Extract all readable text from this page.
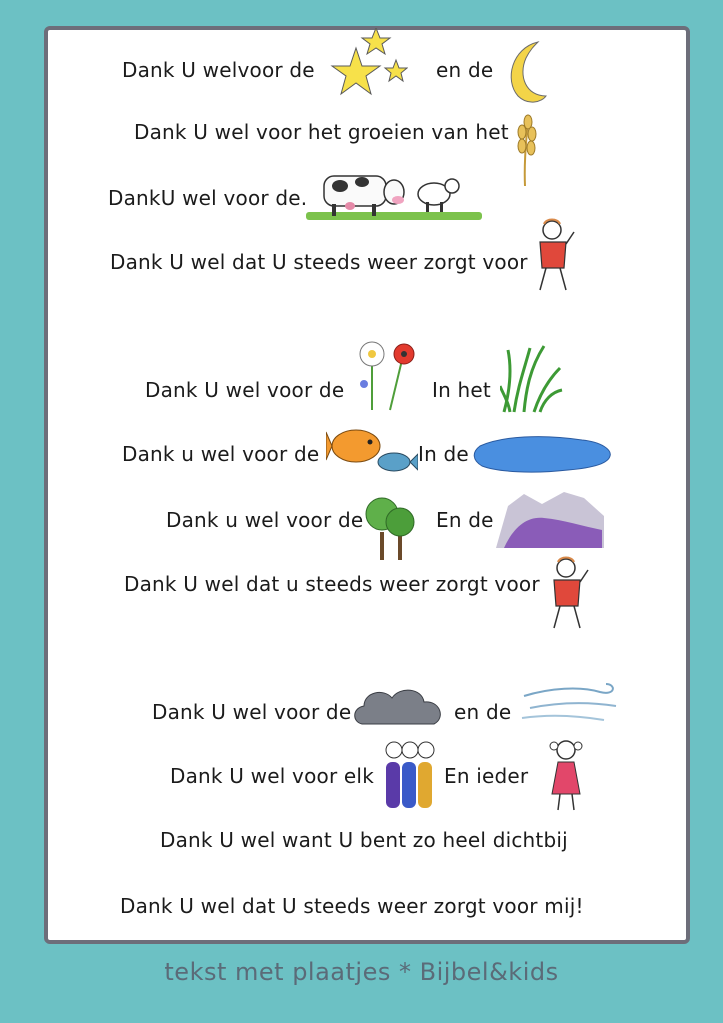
Dank U welvoor de	en de
Dank U wel voor het groeien van het
DankU wel voor de.
Dank U wel dat U steeds weer zorgt voor
Dank U wel voor de	In het
Dank u wel voor de	In de
Dank u wel voor de	En de
Dank U wel dat u steeds weer zorgt voor
Dank U wel voor de	en de
Dank U wel voor elk	En ieder
Dank U wel want U bent zo heel dichtbij
Dank U wel dat U steeds weer zorgt voor mij!
tekst met plaatjes * Bijbel&kids
